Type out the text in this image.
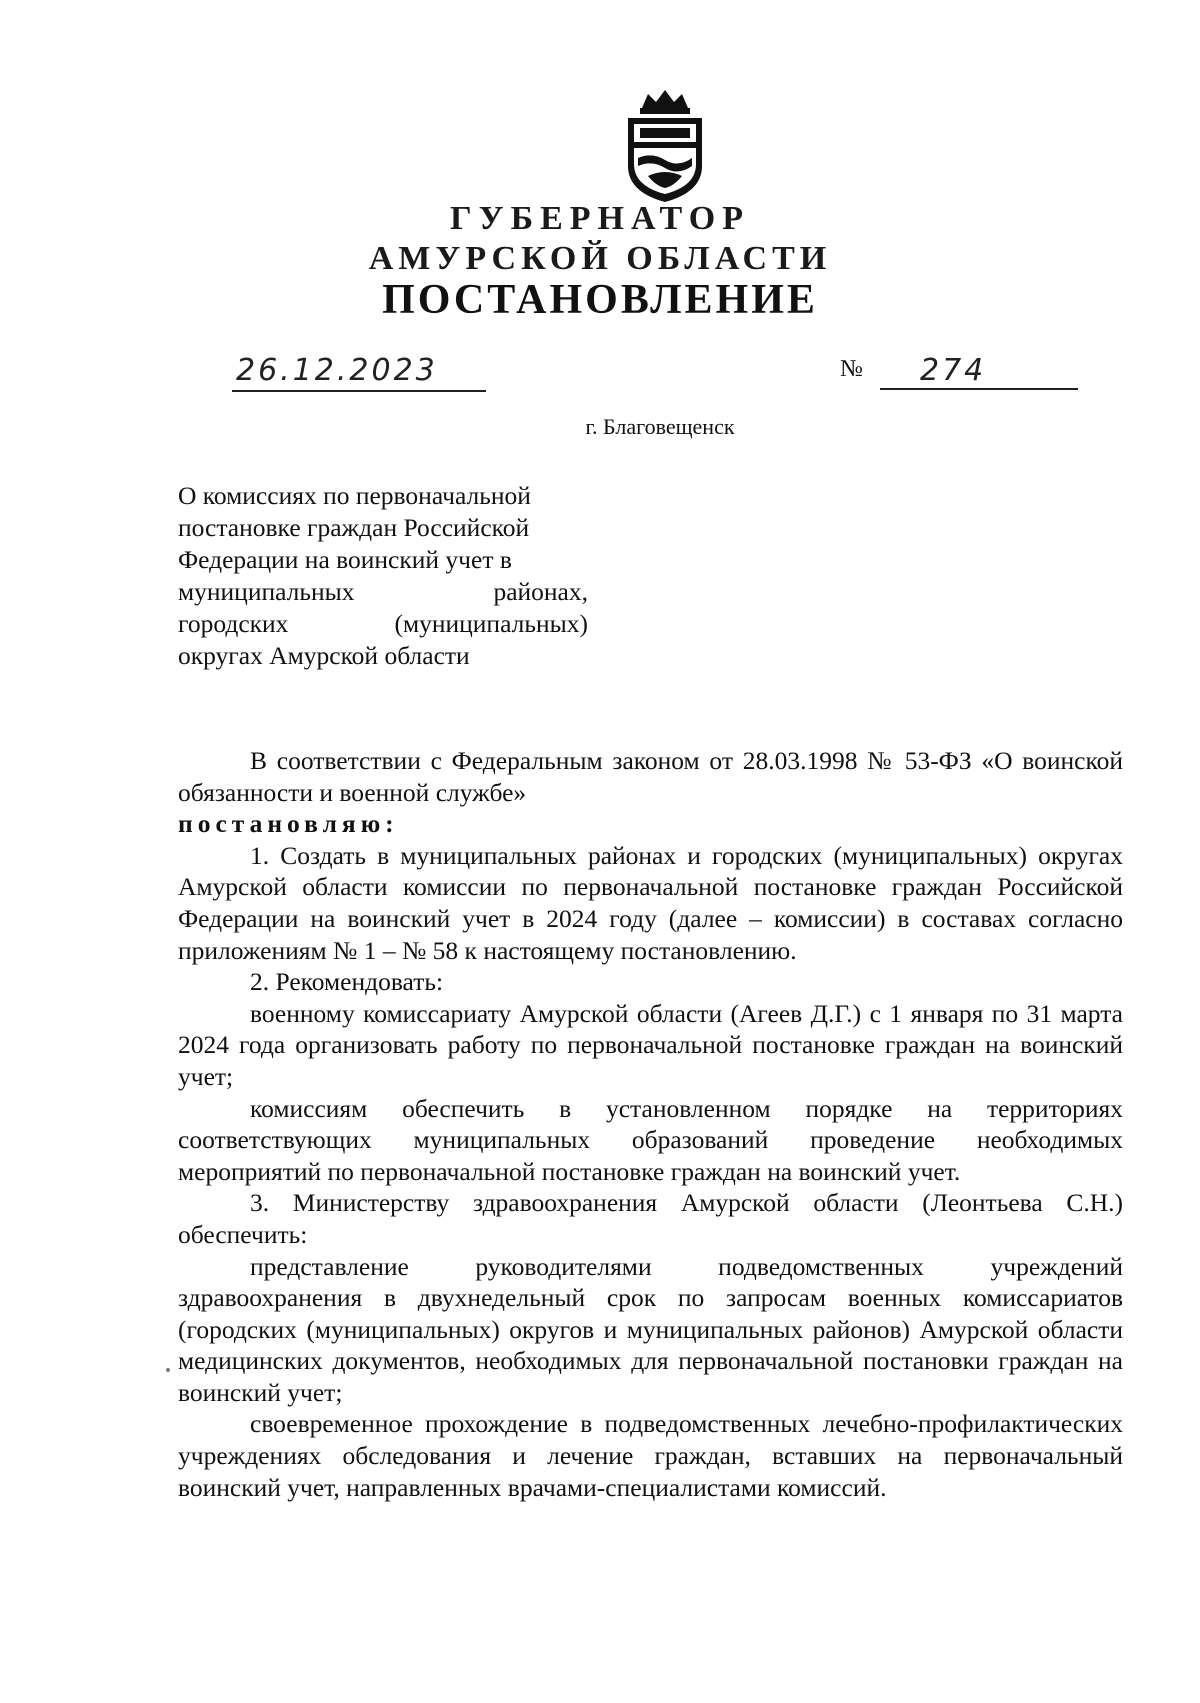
ГУБЕРНАТОР
АМУРСКОЙ ОБЛАСТИ
ПОСТАНОВЛЕНИЕ
26.12.2023	№	274
г. Благовещенск
О комиссиях по первоначальной
постановке граждан Российской
Федерации на воинский учет в
муниципальных	районах,
городских	(муниципальных)
округах Амурской области

В соответствии с Федеральным законом от 28.03.1998 № 53-ФЗ «О воинской обязанности и военной службе»

постановляю:

1. Создать в муниципальных районах и городских (муниципальных) округах Амурской области комиссии по первоначальной постановке граждан Российской Федерации на воинский учет в 2024 году (далее – комиссии) в составах согласно приложениям № 1 – № 58 к настоящему постановлению.

2. Рекомендовать:

военному комиссариату Амурской области (Агеев Д.Г.) с 1 января по 31 марта 2024 года организовать работу по первоначальной постановке граждан на воинский учет;

комиссиям обеспечить в установленном порядке на территориях соответствующих муниципальных образований проведение необходимых мероприятий по первоначальной постановке граждан на воинский учет.

3. Министерству здравоохранения Амурской области (Леонтьева С.Н.) обеспечить:

представление руководителями подведомственных учреждений здравоохранения в двухнедельный срок по запросам военных комиссариатов (городских (муниципальных) округов и муниципальных районов) Амурской области медицинских документов, необходимых для первоначальной постановки граждан на воинский учет;

своевременное прохождение в подведомственных лечебно-профилактических учреждениях обследования и лечение граждан, вставших на первоначальный воинский учет, направленных врачами-специалистами комиссий.
